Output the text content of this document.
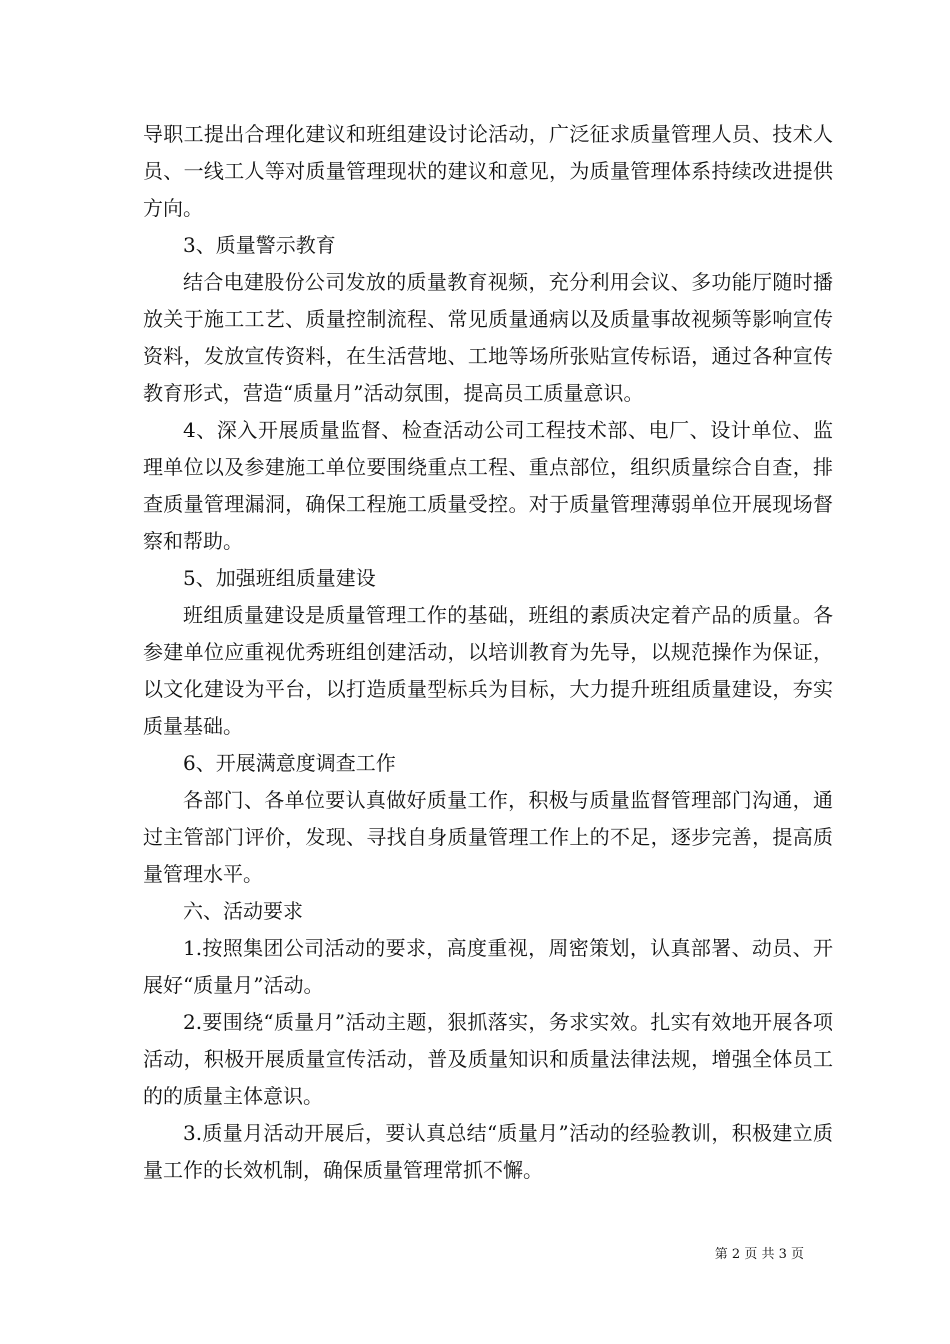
导职工提出合理化建议和班组建设讨论活动，广泛征求质量管理人员、技术人员、一线工人等对质量管理现状的建议和意见，为质量管理体系持续改进提供方向。

3、质量警示教育

结合电建股份公司发放的质量教育视频，充分利用会议、多功能厅随时播放关于施工工艺、质量控制流程、常见质量通病以及质量事故视频等影响宣传资料，发放宣传资料，在生活营地、工地等场所张贴宣传标语，通过各种宣传教育形式，营造“质量月”活动氛围，提高员工质量意识。

4、深入开展质量监督、检查活动公司工程技术部、电厂、设计单位、监理单位以及参建施工单位要围绕重点工程、重点部位，组织质量综合自查，排查质量管理漏洞，确保工程施工质量受控。对于质量管理薄弱单位开展现场督察和帮助。

5、加强班组质量建设

班组质量建设是质量管理工作的基础，班组的素质决定着产品的质量。各参建单位应重视优秀班组创建活动，以培训教育为先导，以规范操作为保证，以文化建设为平台，以打造质量型标兵为目标，大力提升班组质量建设，夯实质量基础。

6、开展满意度调查工作

各部门、各单位要认真做好质量工作，积极与质量监督管理部门沟通，通过主管部门评价，发现、寻找自身质量管理工作上的不足，逐步完善，提高质量管理水平。

六、活动要求

1.按照集团公司活动的要求，高度重视，周密策划，认真部署、动员、开展好“质量月”活动。

2.要围绕“质量月”活动主题，狠抓落实，务求实效。扎实有效地开展各项活动，积极开展质量宣传活动，普及质量知识和质量法律法规，增强全体员工的的质量主体意识。

3.质量月活动开展后，要认真总结“质量月”活动的经验教训，积极建立质量工作的长效机制，确保质量管理常抓不懈。

第 2 页 共 3 页
